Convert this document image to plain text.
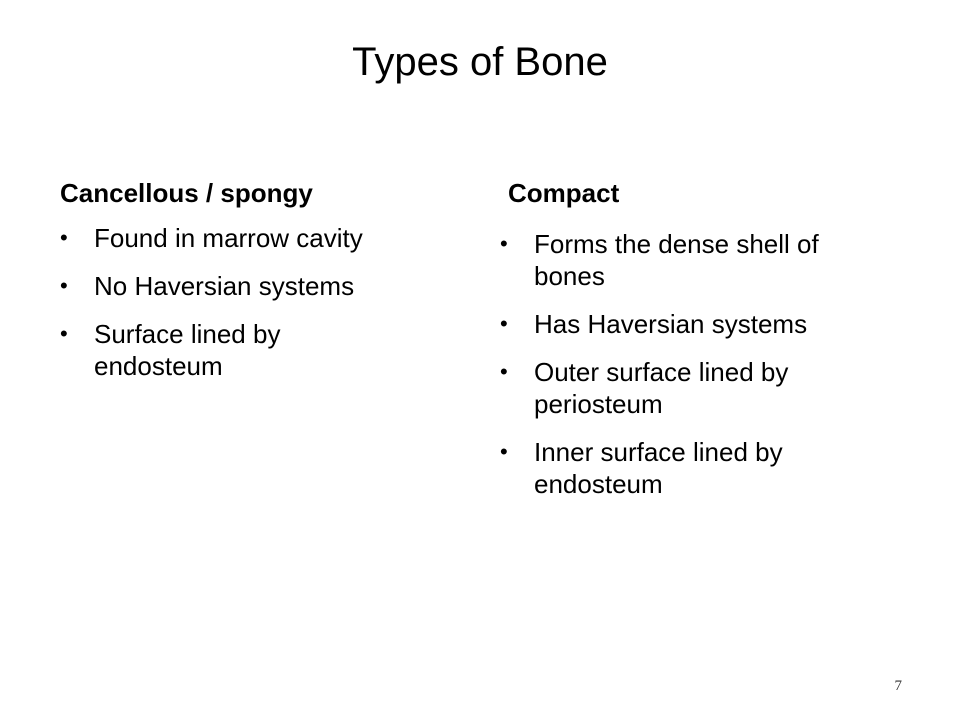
Types of Bone
Cancellous / spongy
• Found in marrow cavity
• No Haversian systems
• Surface lined by endosteum
Compact
• Forms the dense shell of bones
• Has Haversian systems
• Outer surface lined by periosteum
• Inner surface lined by endosteum
7
